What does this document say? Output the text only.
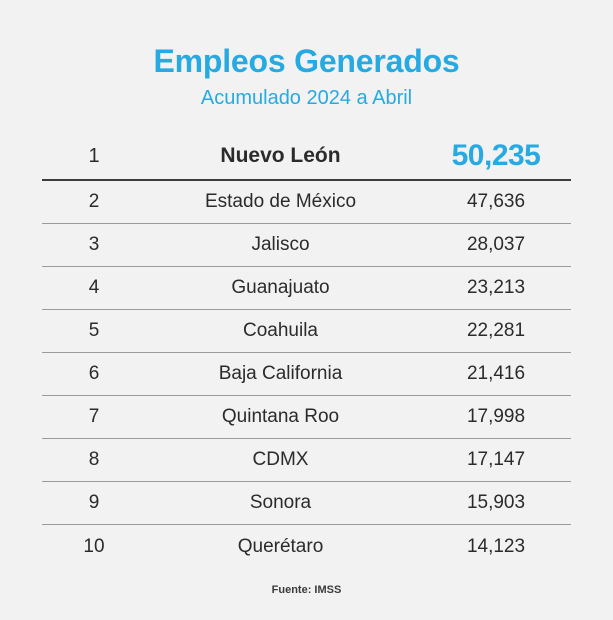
Empleos Generados
Acumulado 2024 a Abril
1	Nuevo León	50,235
2	Estado de México	47,636
3	Jalisco	28,037
4	Guanajuato	23,213
5	Coahuila	22,281
6	Baja California	21,416
7	Quintana Roo	17,998
8	CDMX	17,147
9	Sonora	15,903
10	Querétaro	14,123
Fuente: IMSS
